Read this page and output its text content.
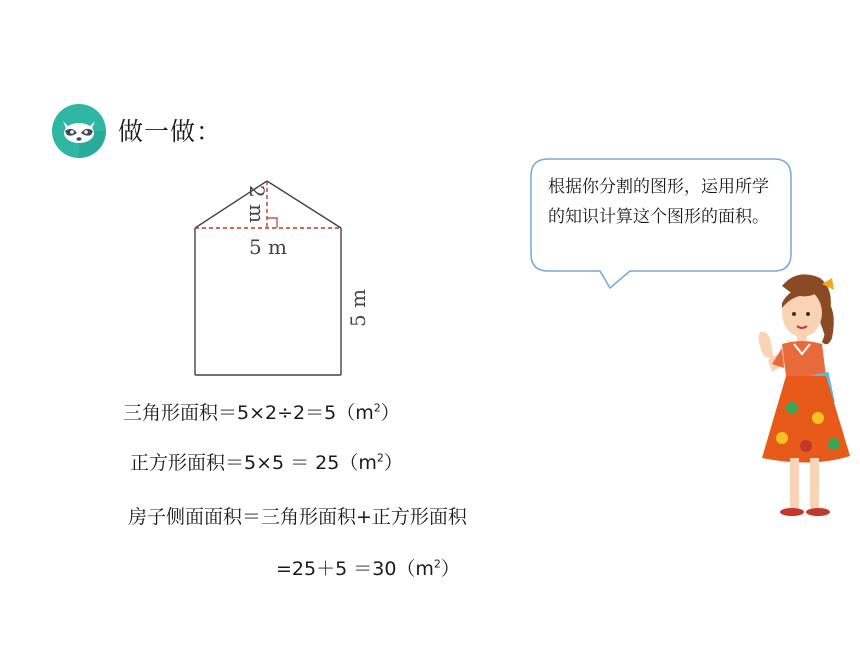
做一做：
2 m
5 m
5 m
根据你分割的图形，运用所学的知识计算这个图形的面积。
三角形面积$=5\times 2\div 2=5(m^2)$
正方形面积$=5\times 5 = 25(m^2)$
房子侧面面积＝三角形面积+正方形面积
$=25+5 =30(m^2)$
